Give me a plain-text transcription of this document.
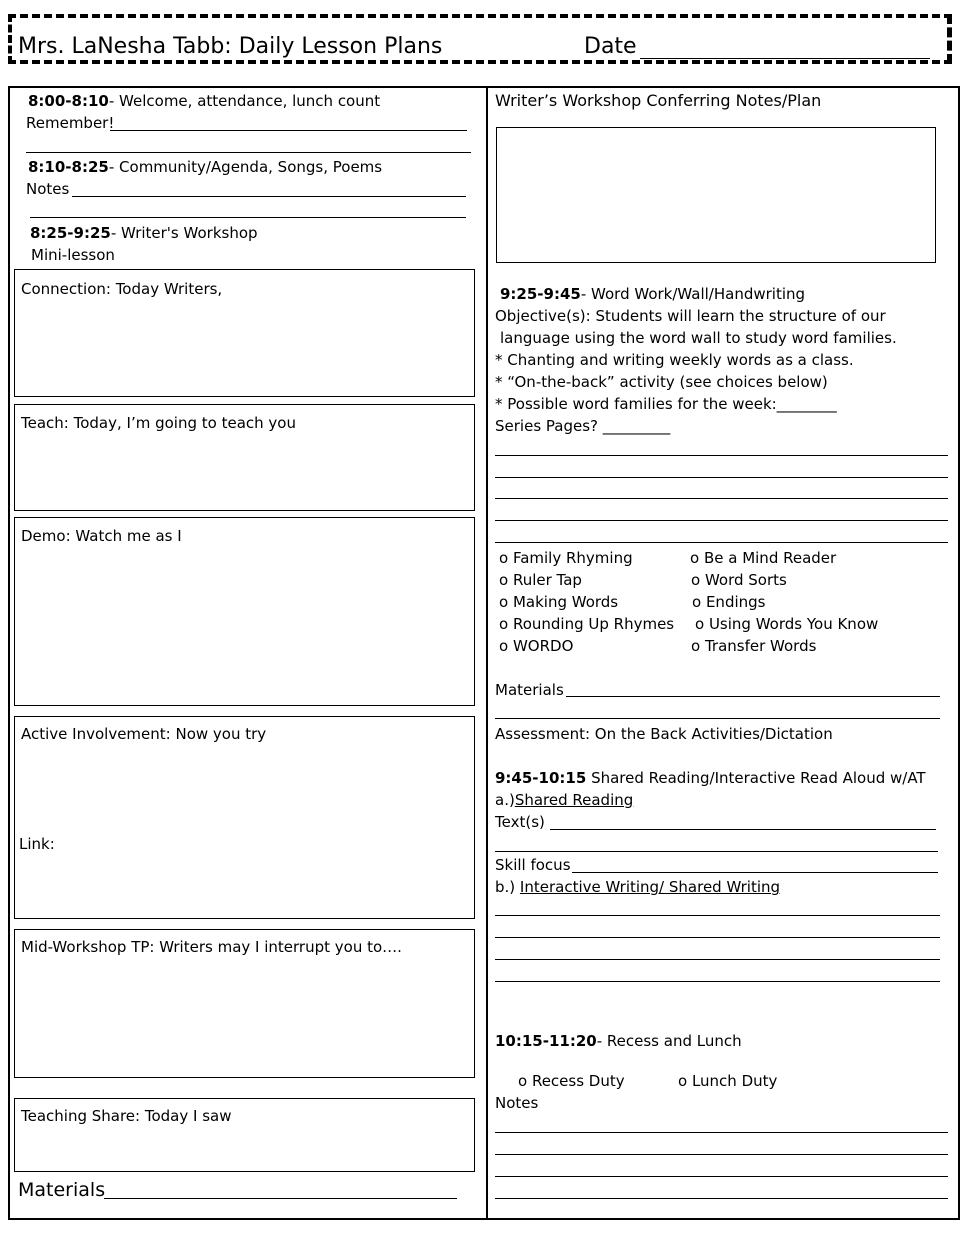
Mrs. LaNesha Tabb: Daily Lesson Plans	Date
8:00-8:10- Welcome, attendance, lunch count
Remember!
8:10-8:25- Community/Agenda, Songs, Poems
Notes
8:25-9:25- Writer's Workshop
Mini-lesson
Connection: Today Writers,
Teach: Today, I’m going to teach you
Demo: Watch me as I
Active Involvement: Now you try
Link:
Mid-Workshop TP: Writers may I interrupt you to….
Teaching Share: Today I saw
Materials
Writer’s Workshop Conferring Notes/Plan
9:25-9:45- Word Work/Wall/Handwriting
Objective(s): Students will learn the structure of our
language using the word wall to study word families.
* Chanting and writing weekly words as a class.
* “On-the-back” activity (see choices below)
* Possible word families for the week:________
Series Pages? _________
o Family Rhyming
o Ruler Tap
o Making Words
o Rounding Up Rhymes
o WORDO
o Be a Mind Reader
o Word Sorts
o Endings
o Using Words You Know
o Transfer Words
Materials
Assessment: On the Back Activities/Dictation
9:45-10:15 Shared Reading/Interactive Read Aloud w/AT
a.)Shared Reading
Text(s)
Skill focus
b.) Interactive Writing/ Shared Writing
10:15-11:20- Recess and Lunch
o Recess Duty
o	Lunch Duty
Notes
